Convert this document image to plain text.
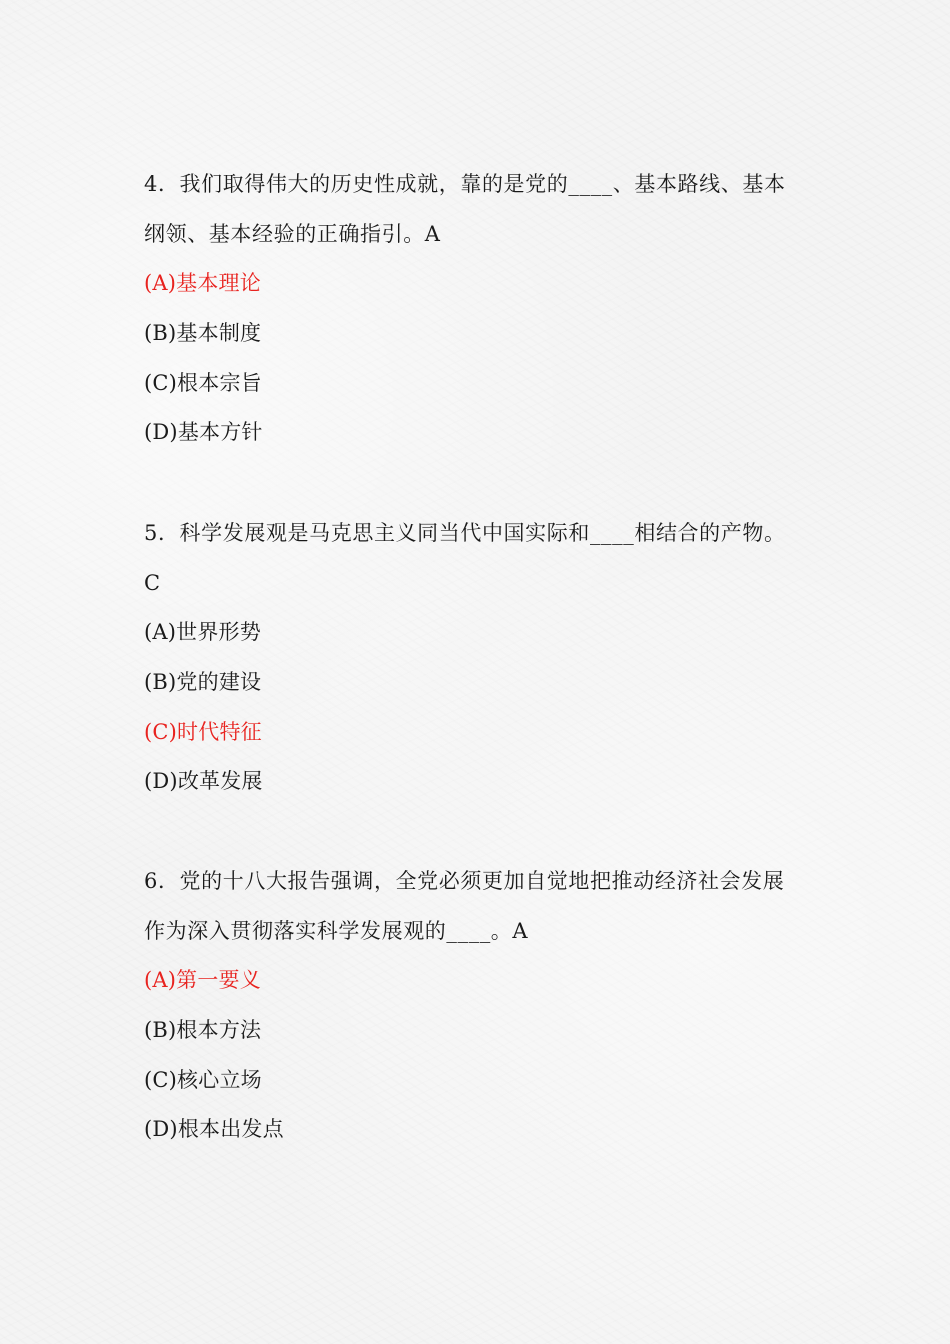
4．我们取得伟大的历史性成就，靠的是党的____、基本路线、基本
纲领、基本经验的正确指引。A
(A)基本理论
(B)基本制度
(C)根本宗旨
(D)基本方针
5．科学发展观是马克思主义同当代中国实际和____相结合的产物。
C
(A)世界形势
(B)党的建设
(C)时代特征
(D)改革发展
6．党的十八大报告强调，全党必须更加自觉地把推动经济社会发展
作为深入贯彻落实科学发展观的____。A
(A)第一要义
(B)根本方法
(C)核心立场
(D)根本出发点
